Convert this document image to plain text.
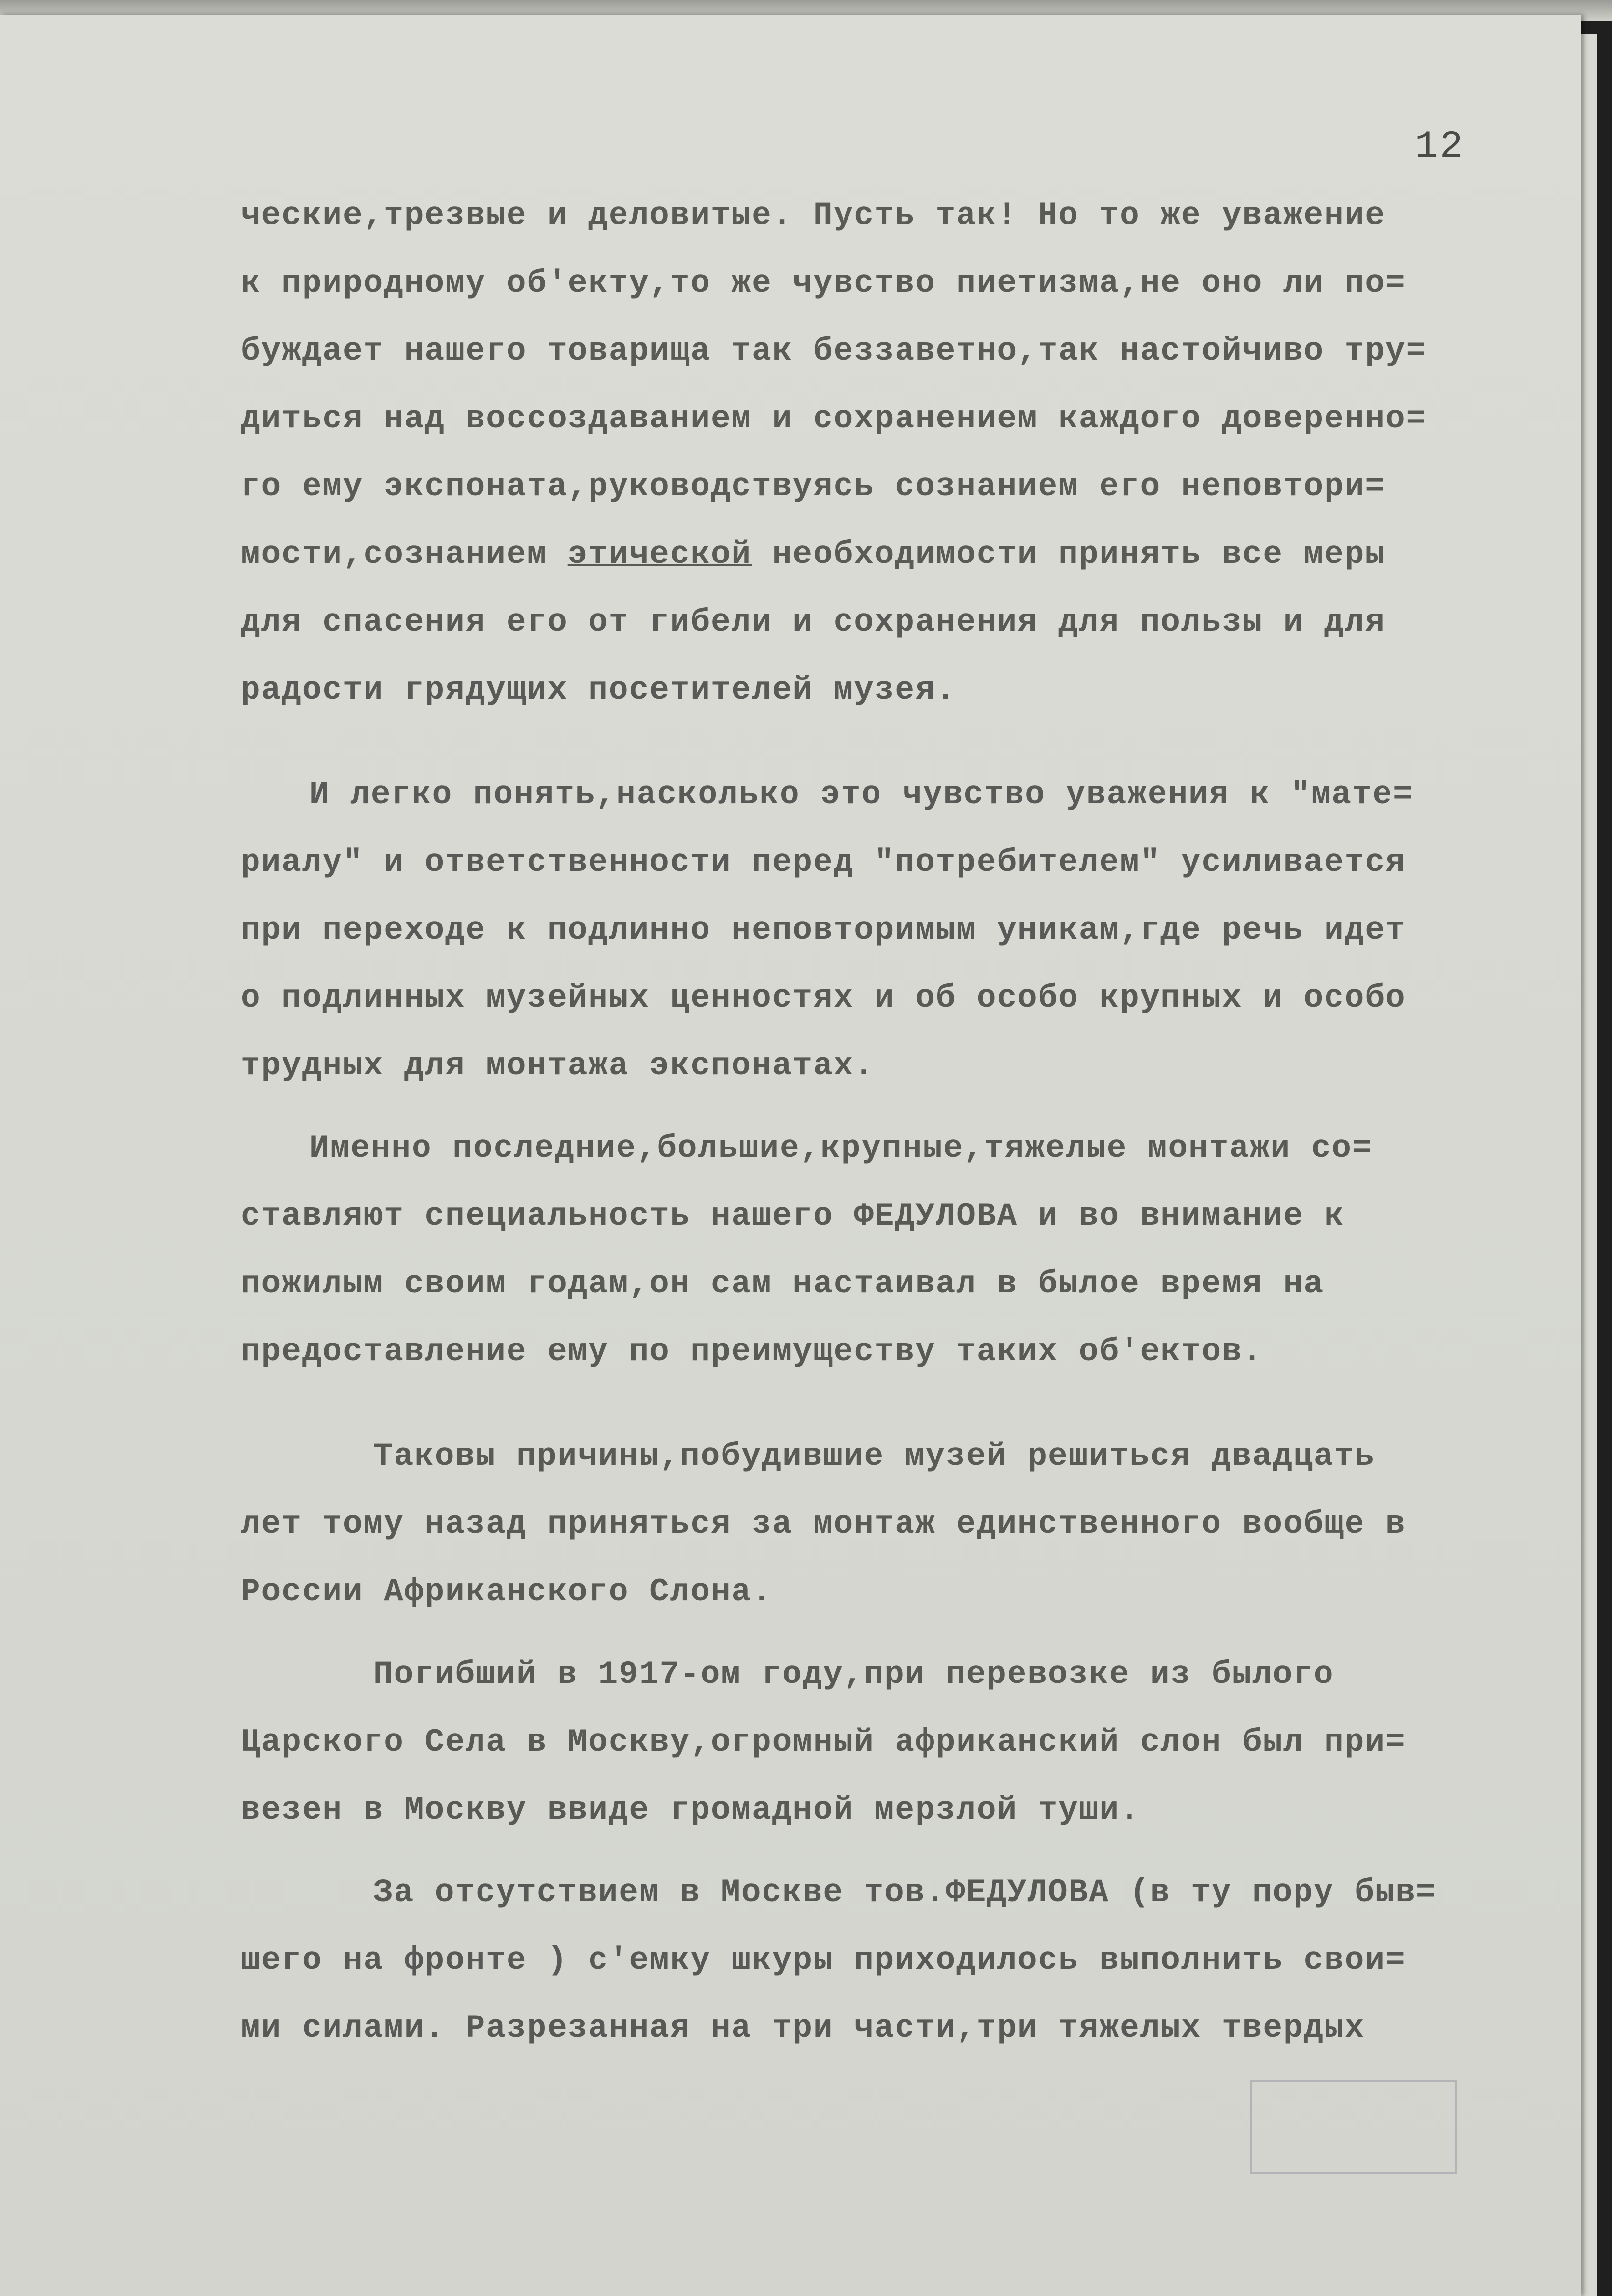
12
ческие,трезвые и деловитые. Пусть так! Но то же уважение
к природному об'екту,то же чувство пиетизма,не оно ли по=
буждает нашего товарища так беззаветно,так настойчиво тру=
диться над воссоздаванием и сохранением каждого доверенно=
го ему экспоната,руководствуясь сознанием его неповтори=
мости,сознанием этической необходимости принять все меры
для спасения его от гибели и сохранения для пользы и для
радости грядущих посетителей музея.
И легко понять,насколько это чувство уважения к "мате=
риалу" и ответственности перед "потребителем" усиливается
при переходе к подлинно неповторимым уникам,где речь идет
о подлинных музейных ценностях и об особо крупных и особо
трудных для монтажа экспонатах.
Именно последние,большие,крупные,тяжелые монтажи со=
ставляют специальность нашего ФЕДУЛОВА и во внимание к
пожилым своим годам,он сам настаивал в былое время на
предоставление ему по преимуществу таких об'ектов.
Таковы причины,побудившие музей решиться двадцать
лет тому назад приняться за монтаж единственного вообще в
России Африканского Слона.
Погибший в 1917-ом году,при перевозке из былого
Царского Села в Москву,огромный африканский слон был при=
везен в Москву ввиде громадной мерзлой туши.
За отсутствием в Москве тов.ФЕДУЛОВА (в ту пору быв=
шего на фронте ) с'емку шкуры приходилось выполнить свои=
ми силами. Разрезанная на три части,три тяжелых твердых
